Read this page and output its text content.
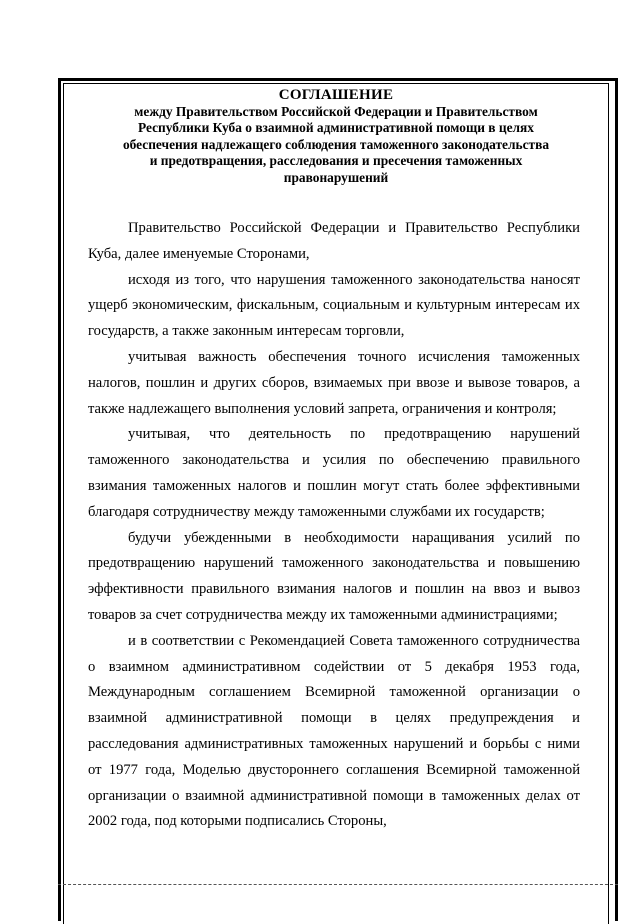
СОГЛАШЕНИЕ
между Правительством Российской Федерации и Правительством
Республики Куба о взаимной административной помощи в целях
обеспечения надлежащего соблюдения таможенного законодательства
и предотвращения, расследования и пресечения таможенных
правонарушений

Правительство Российской Федерации и Правительство Республики Куба, далее именуемые Сторонами,

исходя из того, что нарушения таможенного законодательства наносят ущерб экономическим, фискальным, социальным и культурным интересам их государств, а также законным интересам торговли,

учитывая важность обеспечения точного исчисления таможенных налогов, пошлин и других сборов, взимаемых при ввозе и вывозе товаров, а также надлежащего выполнения условий запрета, ограничения и контроля;

учитывая, что деятельность по предотвращению нарушений таможенного законодательства и усилия по обеспечению правильного взимания таможенных налогов и пошлин могут стать более эффективными благодаря сотрудничеству между таможенными службами их государств;

будучи убежденными в необходимости наращивания усилий по предотвращению нарушений таможенного законодательства и повышению эффективности правильного взимания налогов и пошлин на ввоз и вывоз товаров за счет сотрудничества между их таможенными администрациями;

и в соответствии с Рекомендацией Совета таможенного сотрудничества о взаимном административном содействии от 5 декабря 1953 года, Международным соглашением Всемирной таможенной организации о взаимной административной помощи в целях предупреждения и расследования административных таможенных нарушений и борьбы с ними от 1977 года, Моделью двустороннего соглашения Всемирной таможенной организации о взаимной административной помощи в таможенных делах от 2002 года, под которыми подписались Стороны,
